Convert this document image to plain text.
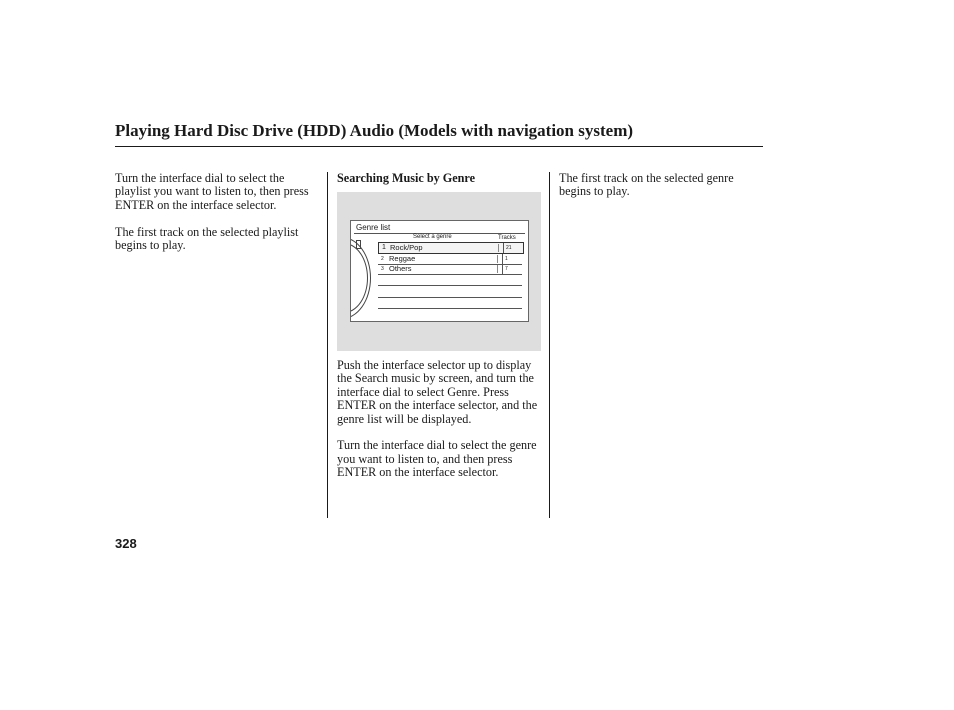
Playing Hard Disc Drive (HDD) Audio (Models with navigation system)

Turn the interface dial to select the playlist you want to listen to, then press ENTER on the interface selector.

The first track on the selected playlist begins to play.

Searching Music by Genre

Genre list
Select a genre	Tracks
1 Rock/Pop	21
2 Reggae	1
3 Others	7

Push the interface selector up to display the Search music by screen, and turn the interface dial to select Genre. Press ENTER on the interface selector, and the genre list will be displayed.

Turn the interface dial to select the genre you want to listen to, and then press ENTER on the interface selector.

The first track on the selected genre begins to play.

328
